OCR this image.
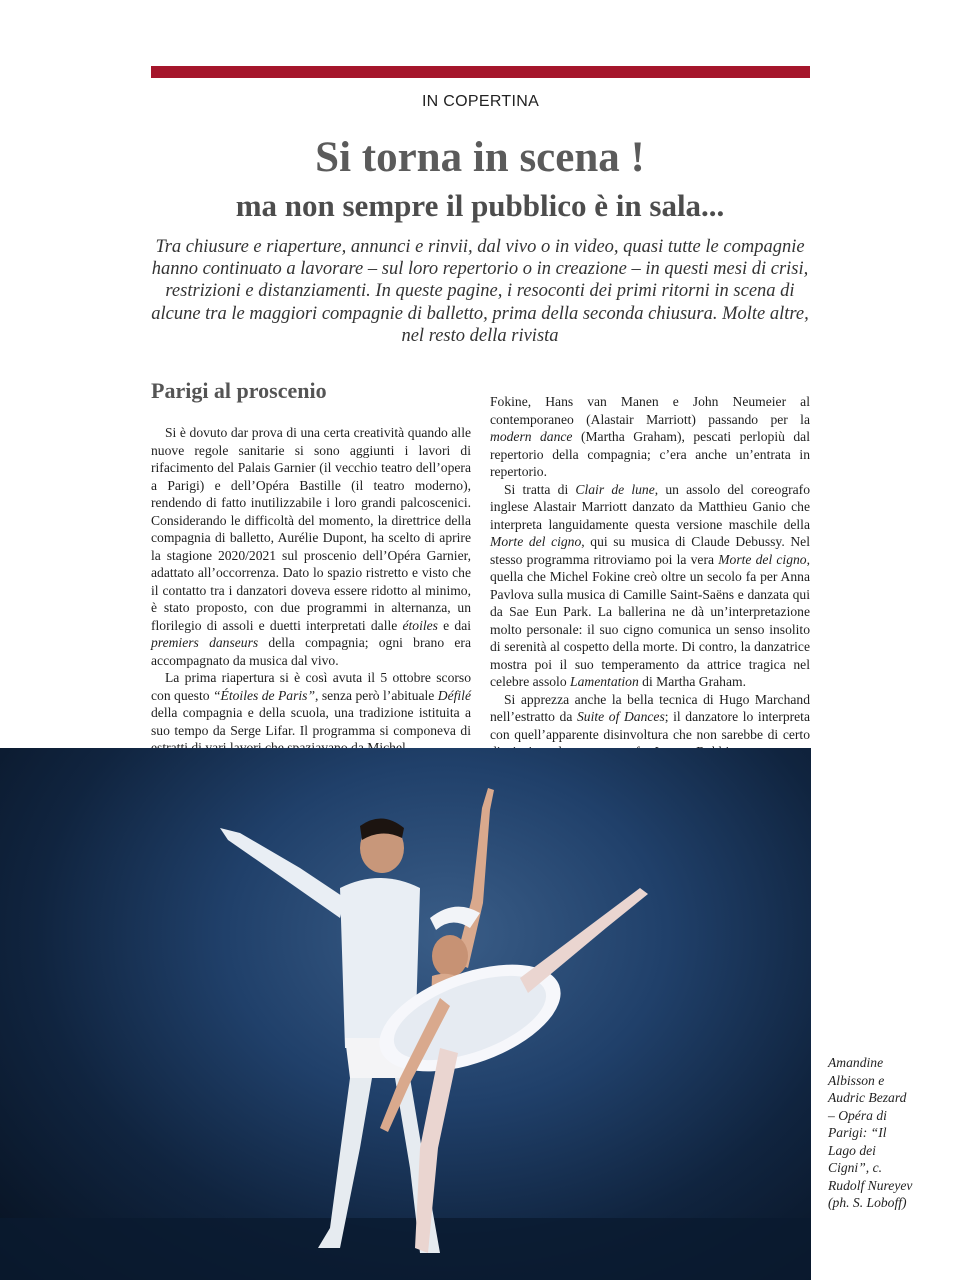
IN COPERTINA
Si torna in scena !
ma non sempre il pubblico è in sala...
Tra chiusure e riaperture, annunci e rinvii, dal vivo o in video, quasi tutte le compagnie hanno continuato a lavorare – sul loro repertorio o in creazione – in questi mesi di crisi, restrizioni e distanziamenti. In queste pagine, i resoconti dei primi ritorni in scena di alcune tra le maggiori compagnie di balletto, prima della seconda chiusura. Molte altre, nel resto della rivista
Parigi al proscenio

Si è dovuto dar prova di una certa creatività quando alle nuove regole sanitarie si sono aggiunti i lavori di rifacimento del Palais Garnier (il vecchio teatro dell’opera a Parigi) e dell’Opéra Bastille (il teatro moderno), rendendo di fatto inutilizzabile i loro grandi palcoscenici. Considerando le difficoltà del momento, la direttrice della compagnia di balletto, Aurélie Dupont, ha scelto di aprire la stagione 2020/2021 sul proscenio dell’Opéra Garnier, adattato all’occorrenza. Dato lo spazio ristretto e visto che il contatto tra i danzatori doveva essere ridotto al minimo, è stato proposto, con due programmi in alternanza, un florilegio di assoli e duetti interpretati dalle étoiles e dai premiers danseurs della compagnia; ogni brano era accompagnato da musica dal vivo.

La prima riapertura si è così avuta il 5 ottobre scorso con questo “Étoiles de Paris”, senza però l’abituale Défilé della compagnia e della scuola, una tradizione istituita a suo tempo da Serge Lifar. Il programma si componeva di

Fokine, Hans van Manen e John Neumeier al contemporaneo (Alastair Marriott) passando per la modern dance (Martha Graham), pescati perlopiù dal repertorio della compagnia; c’era anche un’entrata in repertorio.

Si tratta di Clair de lune, un assolo del coreografo inglese Alastair Marriott danzato da Matthieu Ganio che interpreta languidamente questa versione maschile della Morte del cigno, qui su musica di Claude Debussy. Nel stesso programma ritroviamo poi la vera Morte del cigno, quella che Michel Fokine creò oltre un secolo fa per Anna Pavlova sulla musica di Camille Saint-Saëns e danzata qui da Sae Eun Park. La ballerina ne dà un’interpretazione molto personale: il suo cigno comunica un senso insolito di serenità al cospetto della morte. Di contro, la danzatrice mostra poi il suo temperamento da attrice tragica nel celebre assolo Lamentation di Martha Graham.

Si apprezza anche la bella tecnica di Hugo Marchand nell’estratto da Suite of Dances; il danzatore lo interpreta con quell’apparente disinvoltura che non sarebbe di certo

Amandine
Albisson e
Audric Bezard
– Opéra di
Parigi: “Il
Lago dei
Cigni”, c.
Rudolf Nureyev
(ph. S. Loboff)
